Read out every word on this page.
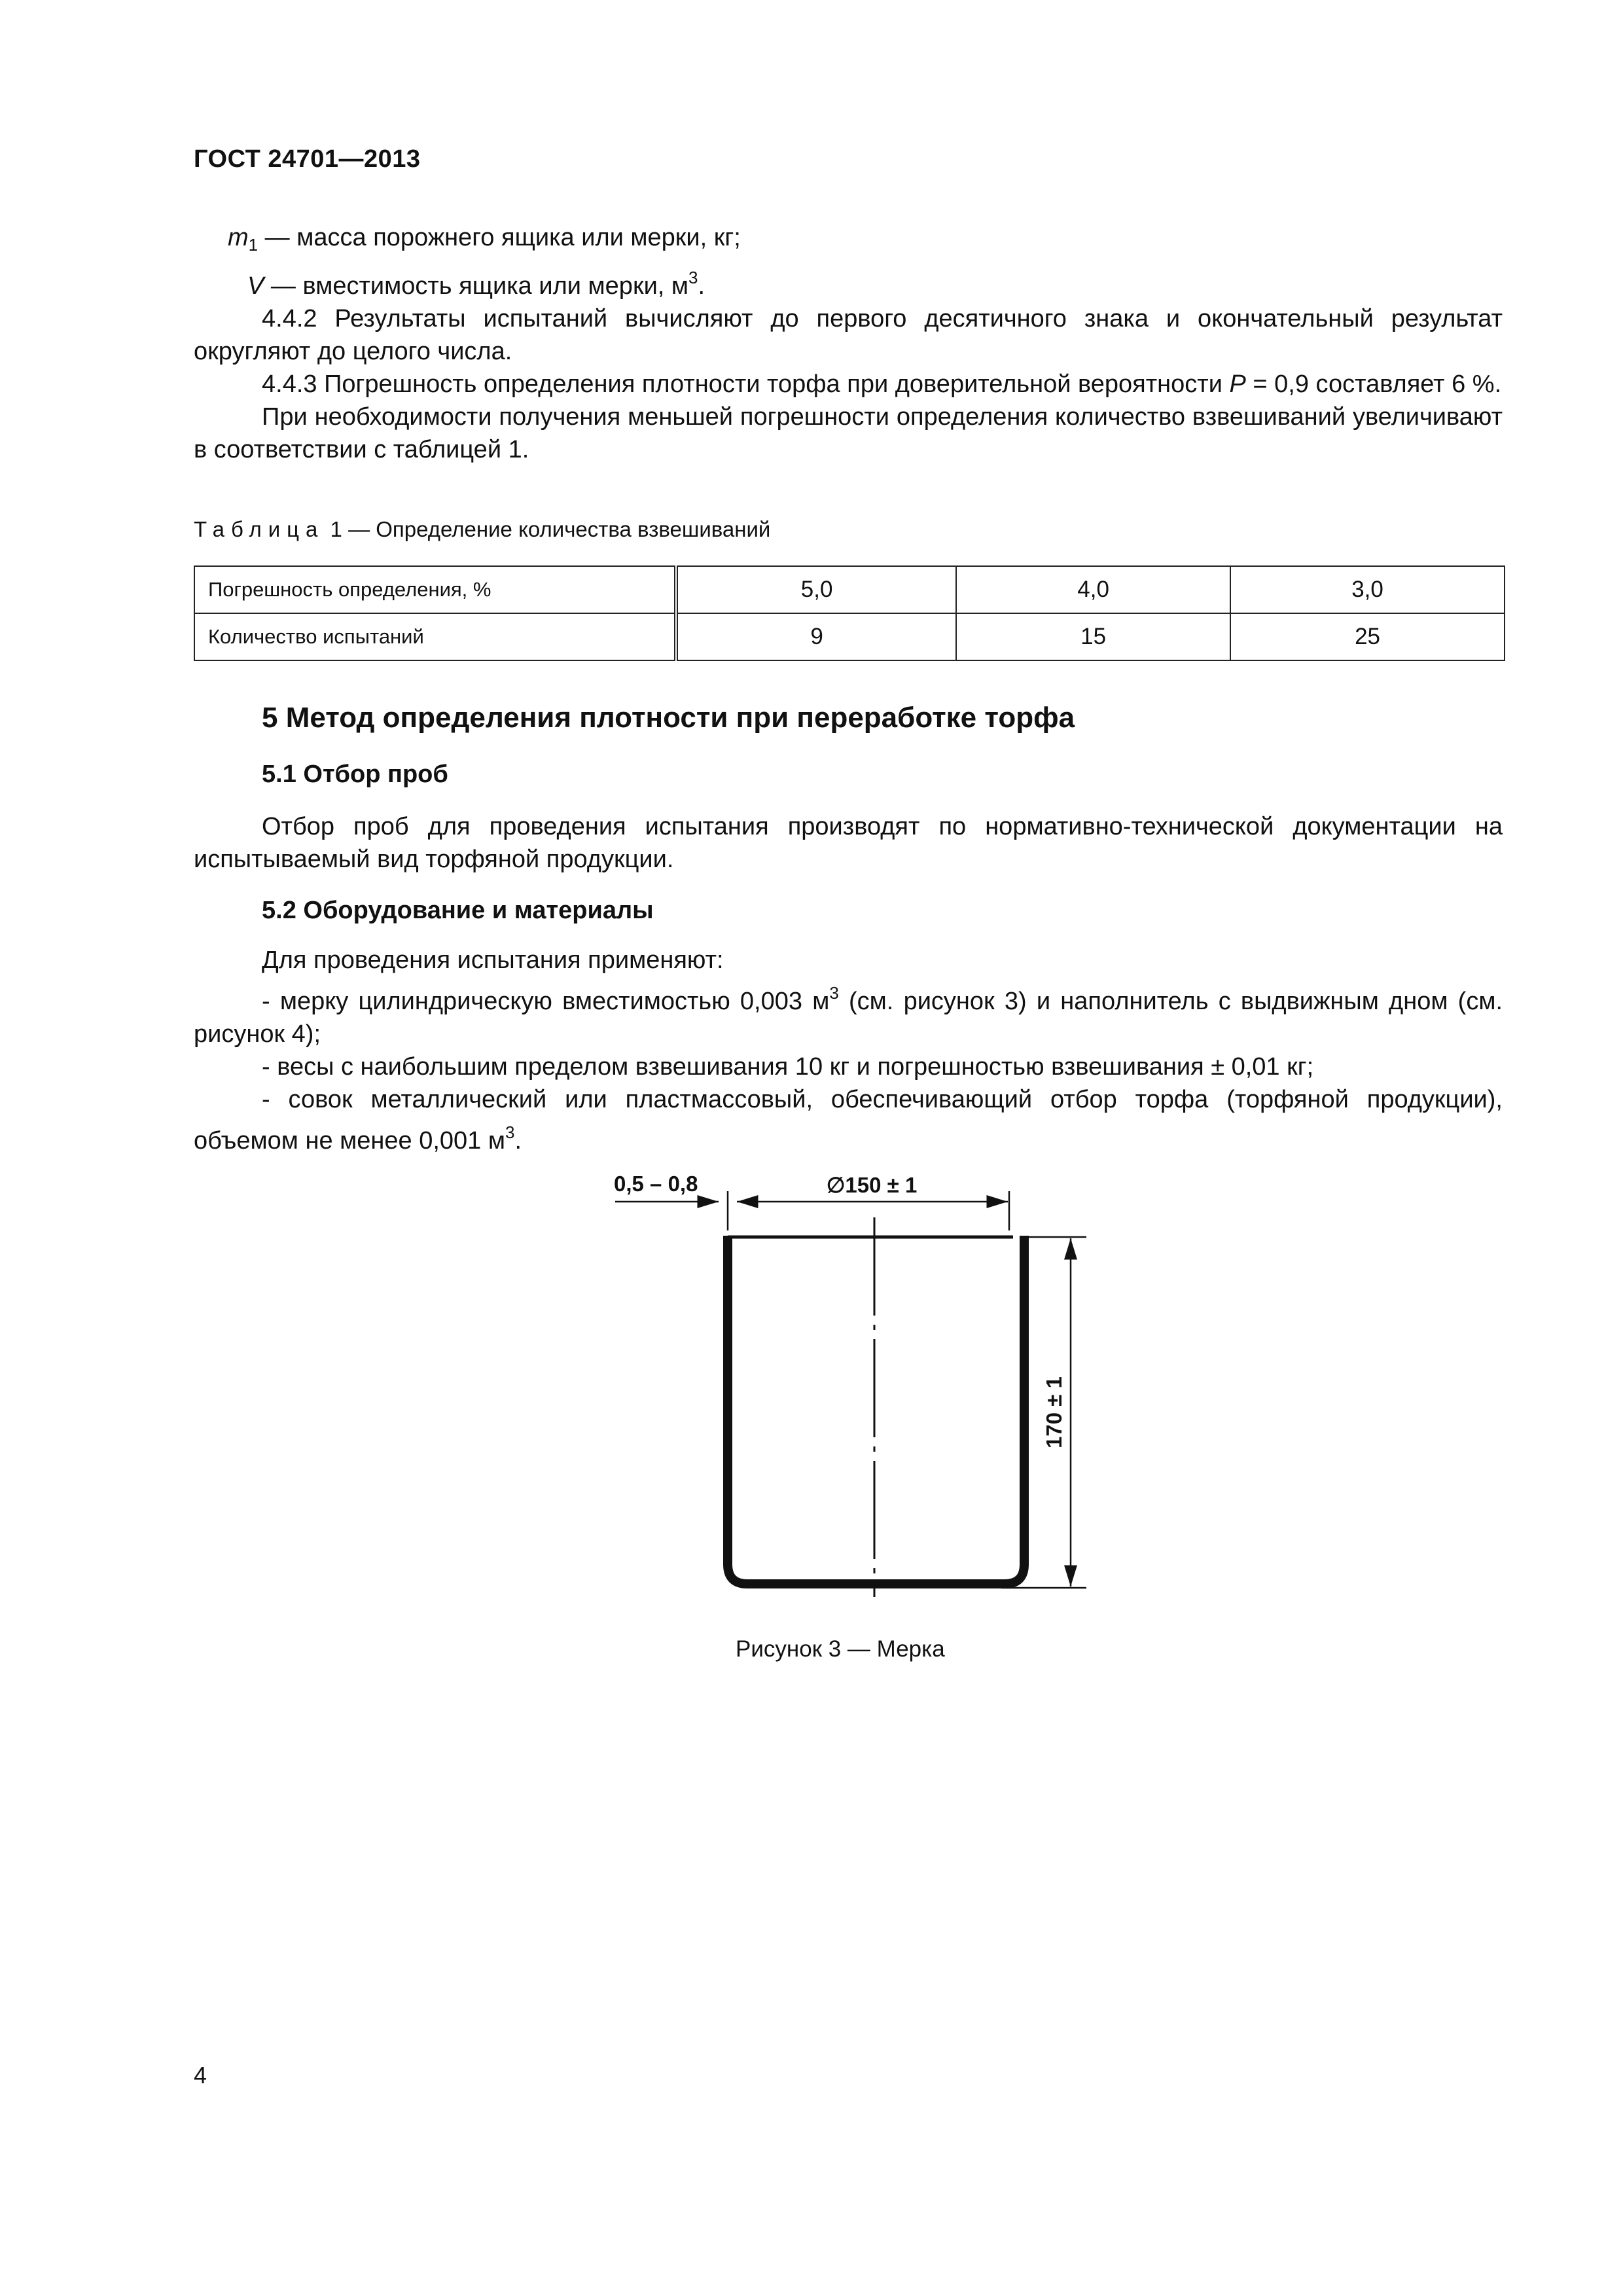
ГОСТ 24701—2013

$m_1$ — масса порожнего ящика или мерки, кг;

V — вместимость ящика или мерки, $м^3$.

4.4.2 Результаты испытаний вычисляют до первого десятичного знака и окончательный результат округляют до целого числа.

4.4.3 Погрешность определения плотности торфа при доверительной вероятности P = 0,9 составляет 6 %.

При необходимости получения меньшей погрешности определения количество взвешиваний увеличивают в соответствии с таблицей 1.

Таблица 1 — Определение количества взвешиваний
Погрешность определения, %	5,0	4,0	3,0
Количество испытаний	9	15	25
5 Метод определения плотности при переработке торфа
5.1 Отбор проб

Отбор проб для проведения испытания производят по нормативно-технической документации на испытываемый вид торфяной продукции.

5.2 Оборудование и материалы

Для проведения испытания применяют:

- мерку цилиндрическую вместимостью 0,003 $м^3$ (см. рисунок 3) и наполнитель с выдвижным дном (см. рисунок 4);

- весы с наибольшим пределом взвешивания 10 кг и погрешностью взвешивания ± 0,01 кг;

- совок металлический или пластмассовый, обеспечивающий отбор торфа (торфяной продукции), объемом не менее 0,001 $м^3$.

0,5 – 0,8	∅150 ± 1
170 ± 1
Рисунок 3 — Мерка
4
